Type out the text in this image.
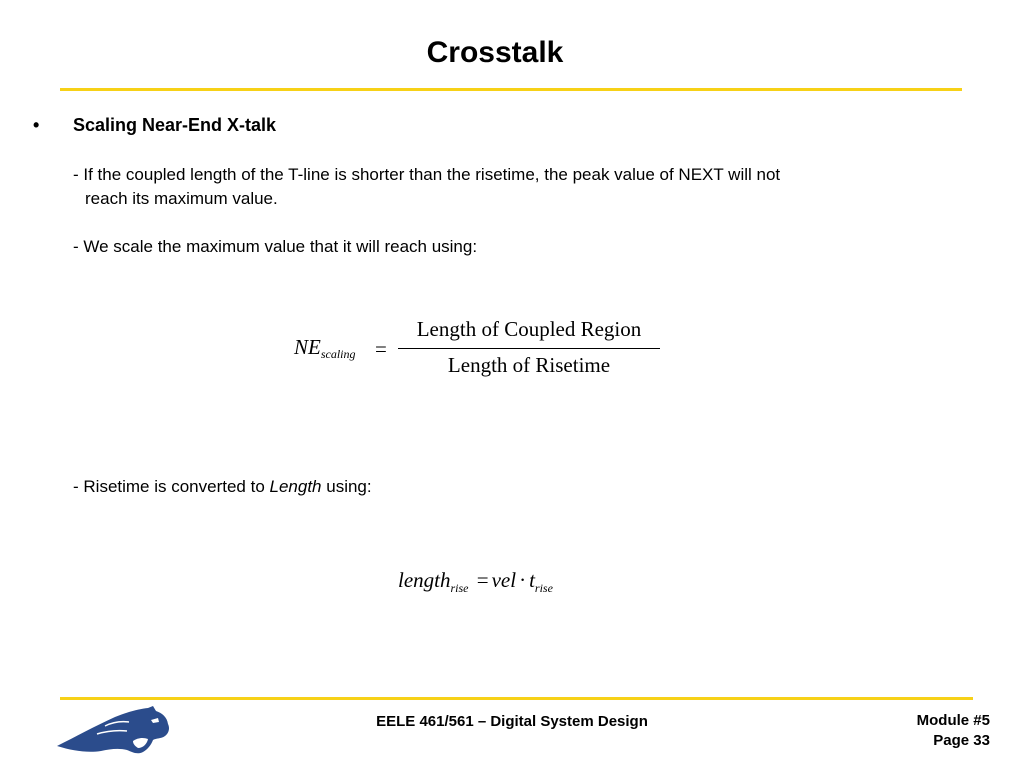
Crosstalk
• Scaling Near-End X-talk
- If the coupled length of the T-line is shorter than the risetime, the peak value of NEXT will not
reach its maximum value.
- We scale the maximum value that it will reach using:
$NE_{scaling}$ =
Length of Coupled Region
Length of Risetime
- Risetime is converted to Length using:
length$_{rise}$ = vel · $t_{rise}$
EELE 461/561 – Digital System Design	Module #5
Page 33
